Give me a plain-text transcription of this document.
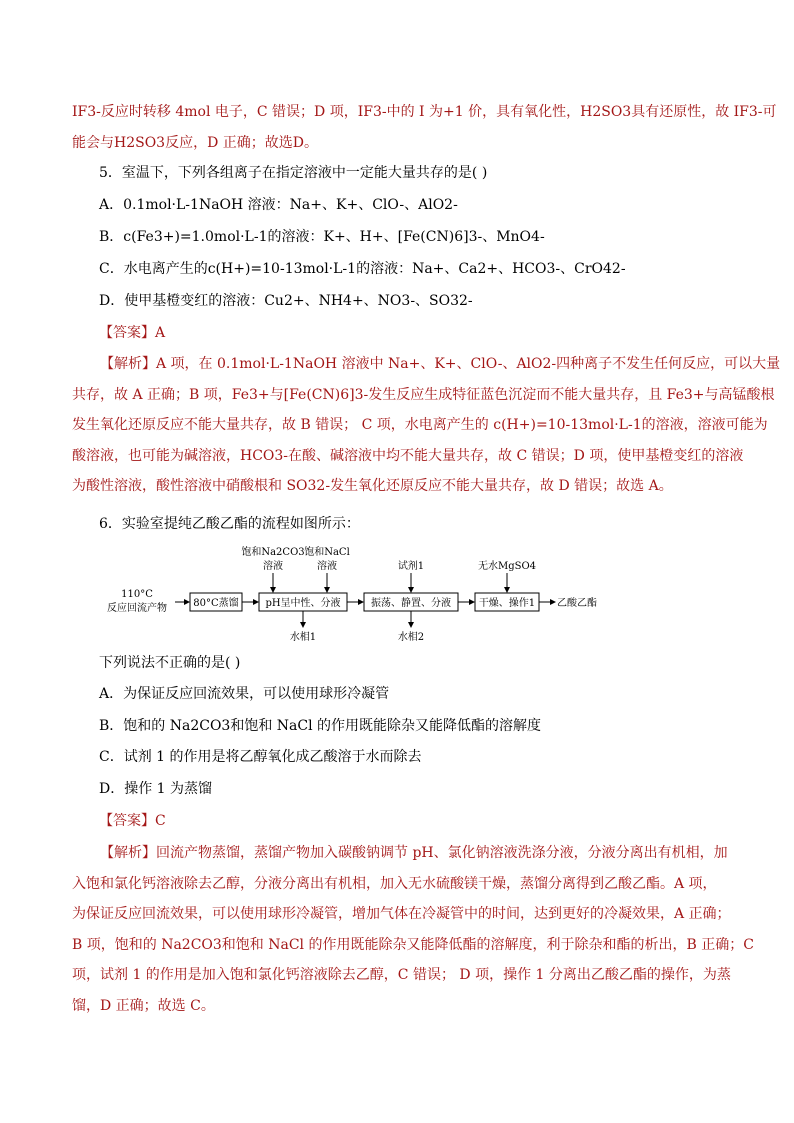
IF3-反应时转移 4mol 电子，C 错误；D 项，IF3-中的 I 为+1 价，具有氧化性，H2SO3具有还原性，故 IF3-可
能会与H2SO3反应，D 正确；故选D。
5．室温下，下列各组离子在指定溶液中一定能大量共存的是( )
A．0.1mol·L-1NaOH 溶液：Na+、K+、ClO-、AlO2-
B．c(Fe3+)=1.0mol·L-1的溶液：K+、H+、[Fe(CN)6]3-、MnO4-
C．水电离产生的c(H+)=10-13mol·L-1的溶液：Na+、Ca2+、HCO3-、CrO42-
D．使甲基橙变红的溶液：Cu2+、NH4+、NO3-、SO32-
【答案】A
【解析】A 项，在 0.1mol·L-1NaOH 溶液中 Na+、K+、ClO-、AlO2-四种离子不发生任何反应，可以大量
共存，故 A 正确；B 项，Fe3+与[Fe(CN)6]3-发生反应生成特征蓝色沉淀而不能大量共存，且 Fe3+与高锰酸根
发生氧化还原反应不能大量共存，故 B 错误； C 项，水电离产生的 c(H+)=10-13mol·L-1的溶液，溶液可能为
酸溶液，也可能为碱溶液，HCO3-在酸、碱溶液中均不能大量共存，故 C 错误；D 项，使甲基橙变红的溶液
为酸性溶液，酸性溶液中硝酸根和 SO32-发生氧化还原反应不能大量共存，故 D 错误；故选 A。
6．实验室提纯乙酸乙酯的流程如图所示：
110°C
反应回流产物	80°C蒸馏	pH呈中性、分液
饱和Na2CO3
溶液
饱和NaCl
溶液
水相1
振荡、静置、分液
试剂1
水相2
干燥、操作1
无水MgSO4
乙酸乙酯
下列说法不正确的是( )
A．为保证反应回流效果，可以使用球形冷凝管
B．饱和的 Na2CO3和饱和 NaCl 的作用既能除杂又能降低酯的溶解度
C．试剂 1 的作用是将乙醇氧化成乙酸溶于水而除去
D．操作 1 为蒸馏
【答案】C
【解析】回流产物蒸馏，蒸馏产物加入碳酸钠调节 pH、氯化钠溶液洗涤分液，分液分离出有机相，加
入饱和氯化钙溶液除去乙醇，分液分离出有机相，加入无水硫酸镁干燥，蒸馏分离得到乙酸乙酯。A 项，
为保证反应回流效果，可以使用球形冷凝管，增加气体在冷凝管中的时间，达到更好的冷凝效果，A 正确；
B 项，饱和的 Na2CO3和饱和 NaCl 的作用既能除杂又能降低酯的溶解度，利于除杂和酯的析出，B 正确；C
项，试剂 1 的作用是加入饱和氯化钙溶液除去乙醇，C 错误； D 项，操作 1 分离出乙酸乙酯的操作，为蒸
馏，D 正确；故选 C。
